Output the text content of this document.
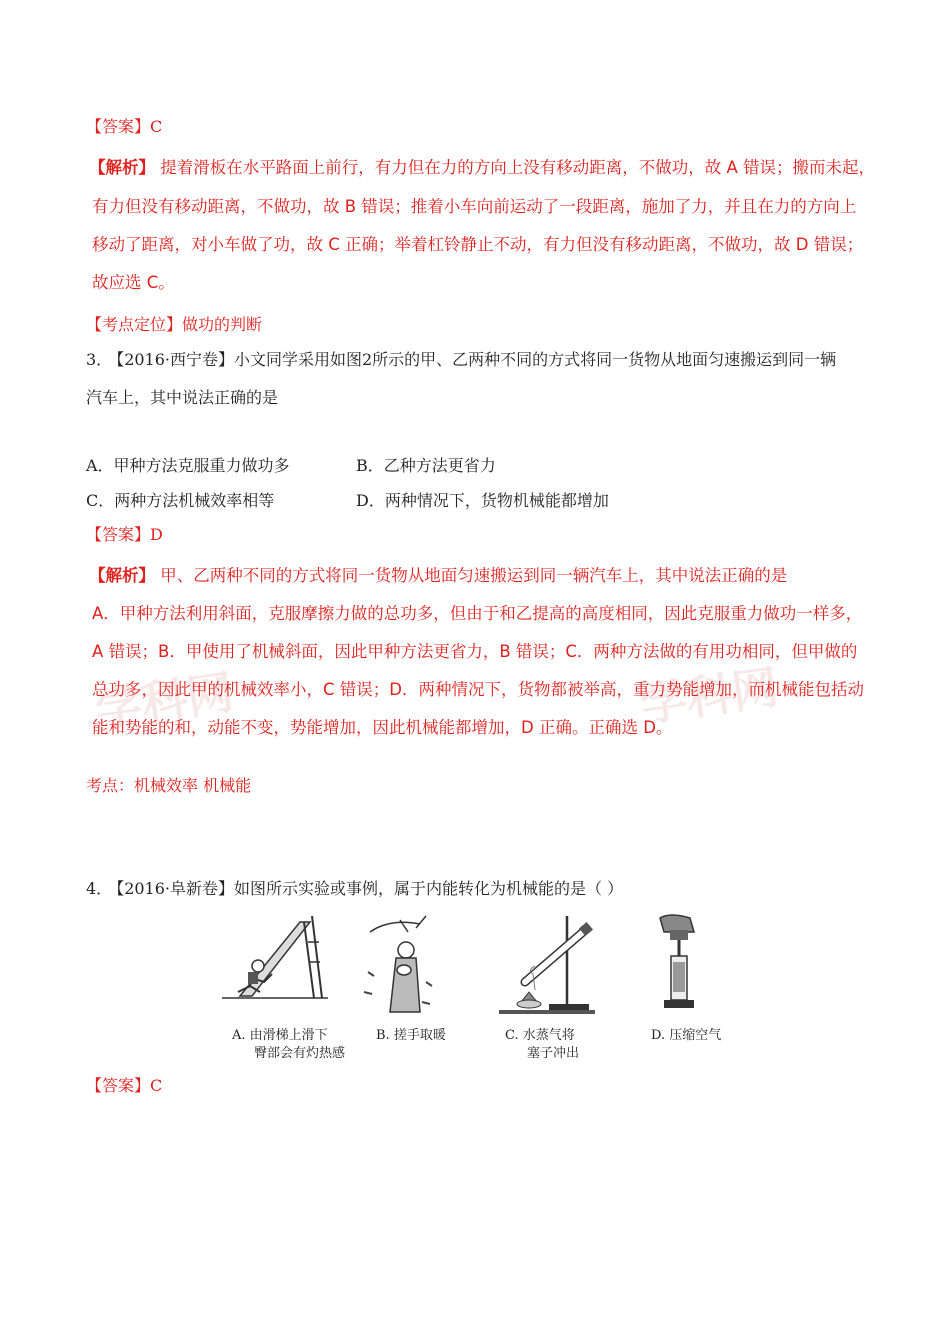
学科网	学科网
【答案】C
【解析】 提着滑板在水平路面上前行，有力但在力的方向上没有移动距离，不做功，故 A 错误；搬而未起，
有力但没有移动距离，不做功，故 B 错误；推着小车向前运动了一段距离，施加了力，并且在力的方向上
移动了距离，对小车做了功，故 C 正确；举着杠铃静止不动，有力但没有移动距离，不做功，故 D 错误；
故应选 C。
【考点定位】做功的判断
3． 【2016·西宁卷】小文同学采用如图2所示的甲、乙两种不同的方式将同一货物从地面匀速搬运到同一辆
汽车上，其中说法正确的是
A．甲种方法克服重力做功多	B．乙种方法更省力
C．两种方法机械效率相等	D．两种情况下，货物机械能都增加
【答案】D
【解析】 甲、乙两种不同的方式将同一货物从地面匀速搬运到同一辆汽车上，其中说法正确的是
A．甲种方法利用斜面，克服摩擦力做的总功多，但由于和乙提高的高度相同，因此克服重力做功一样多，
A 错误；B．甲使用了机械斜面，因此甲种方法更省力，B 错误；C．两种方法做的有用功相同，但甲做的
总功多，因此甲的机械效率小，C 错误；D．两种情况下，货物都被举高，重力势能增加，而机械能包括动
能和势能的和，动能不变，势能增加，因此机械能都增加，D 正确。正确选 D。
考点：机械效率 机械能
4． 【2016·阜新卷】如图所示实验或事例，属于内能转化为机械能的是（ ）
A. 由滑梯上滑下
臀部会有灼热感
B. 搓手取暖	C. 水蒸气将
塞子冲出
D. 压缩空气
【答案】C
